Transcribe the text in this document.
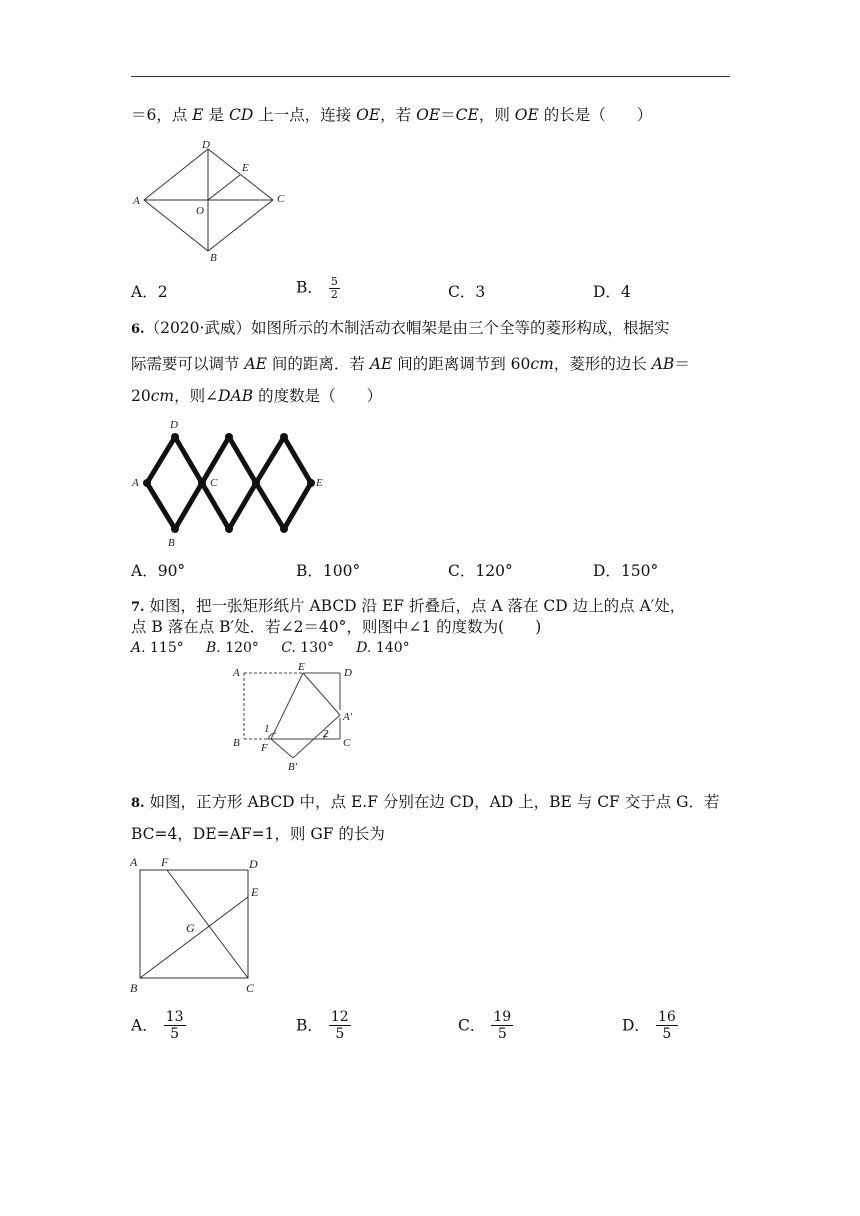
＝6，点 E 是 CD 上一点，连接 OE，若 OE＝CE，则 OE 的长是（　　）
A
D
C
B
E
O
A．2	B． $\frac{5}{2}$	C．3	D．4
6.（2020·武威）如图所示的木制活动衣帽架是由三个全等的菱形构成，根据实
际需要可以调节 AE 间的距离．若 AE 间的距离调节到 60cm，菱形的边长 AB＝
20cm，则∠DAB 的度数是（　　）
A
D
C	E
B
A．90°	B．100°	C．120°	D．150°
7. 如图，把一张矩形纸片 ABCD 沿 EF 折叠后，点 A 落在 CD 边上的点 A′处，
点 B 落在点 B′处．若∠2＝40°，则图中∠1 的度数为(　　)
A. 115° B. 120° C. 130° D. 140°
A	E	D
A′
B F	C
B′
1	2
8. 如图，正方形 ABCD 中，点 E.F 分别在边 CD，AD 上，BE 与 CF 交于点 G．若
BC=4，DE=AF=1，则 GF 的长为
A F	D
E
G
B	C
A． $\frac{13}{5}$	B． $\frac{12}{5}$	C． $\frac{19}{5}$	D． $\frac{16}{5}$
